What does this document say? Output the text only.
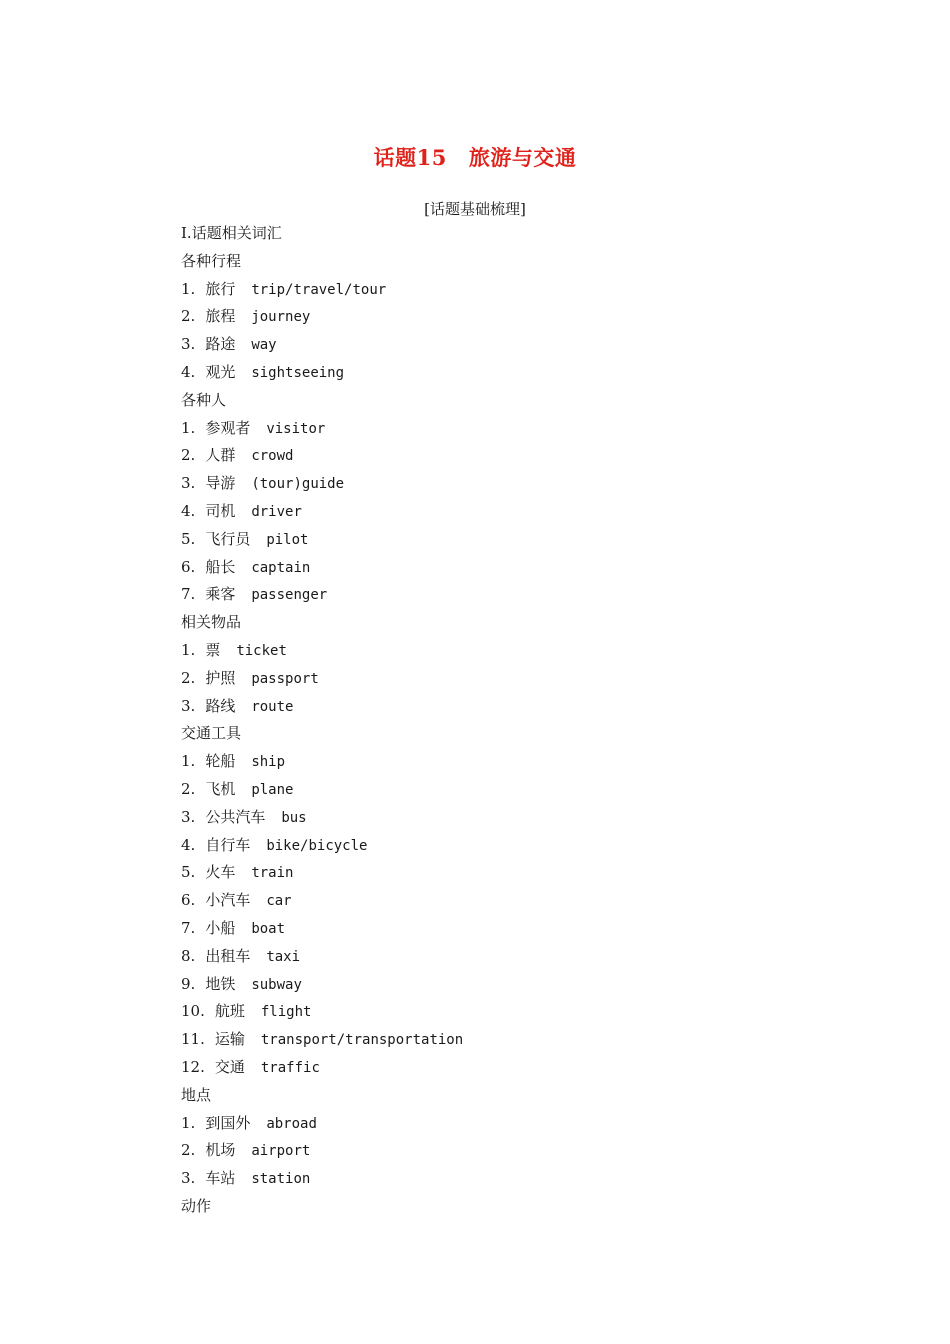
话题15 旅游与交通
[话题基础梳理]
Ⅰ.话题相关词汇
各种行程
1. 旅行 trip/travel/tour
2. 旅程 journey
3. 路途 way
4. 观光 sightseeing
各种人
1. 参观者 visitor
2. 人群 crowd
3. 导游 (tour)guide
4. 司机 driver
5. 飞行员 pilot
6. 船长 captain
7. 乘客 passenger
相关物品
1. 票 ticket
2. 护照 passport
3. 路线 route
交通工具
1. 轮船 ship
2. 飞机 plane
3. 公共汽车 bus
4. 自行车 bike/bicycle
5. 火车 train
6. 小汽车 car
7. 小船 boat
8. 出租车 taxi
9. 地铁 subway
10. 航班 flight
11. 运输 transport/transportation
12. 交通 traffic
地点
1. 到国外 abroad
2. 机场 airport
3. 车站 station
动作
